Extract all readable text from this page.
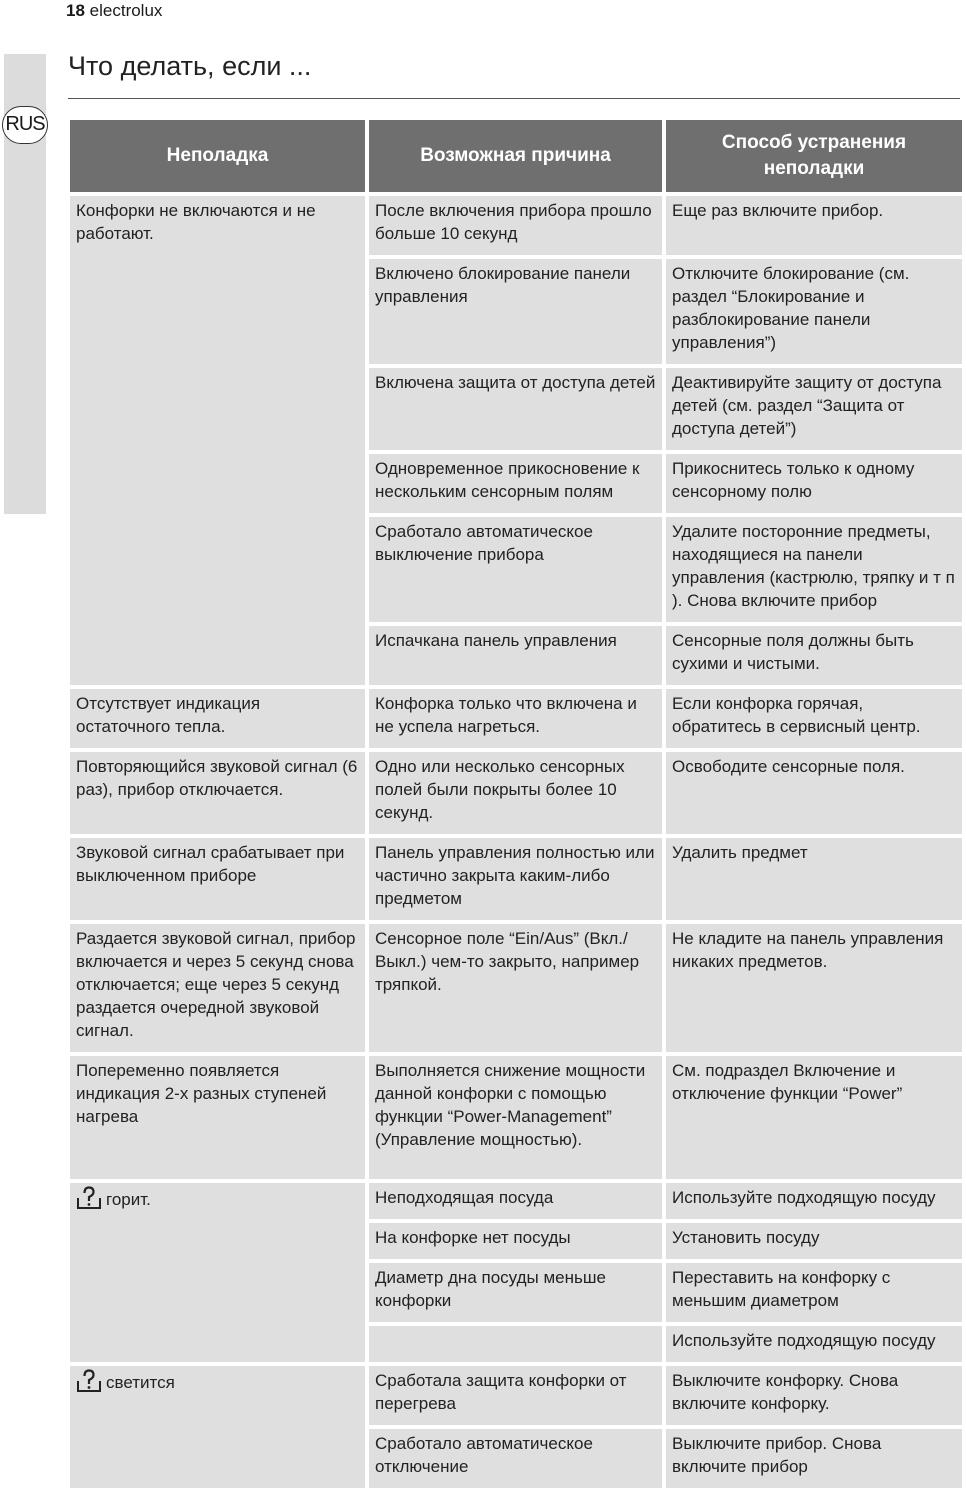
18 electrolux
RUS
Что делать, если ...
Неполадка	Возможная причина	Способ устранения неполадки
Конфорки не включаются и не работают.	После включения прибора прошло больше 10 секунд	Еще раз включите прибор.
	Включено блокирование панели управления	Отключите блокирование (см. раздел “Блокирование и разблокирование панели управления”)
	Включена защита от доступа детей	Деактивируйте защиту от доступа детей (см. раздел “Защита от доступа детей”)
	Одновременное прикосновение к нескольким сенсорным полям	Прикоснитесь только к одному сенсорному полю
	Сработало автоматическое выключение прибора	Удалите посторонние предметы, находящиеся на панели управления (кастрюлю, тряпку и т п ). Снова включите прибор
	Испачкана панель управления	Сенсорные поля должны быть сухими и чистыми.
Отсутствует индикация остаточного тепла.	Конфорка только что включена и не успела нагреться.	Если конфорка горячая, обратитесь в сервисный центр.
Повторяющийся звуковой сигнал (6 раз), прибор отключается.	Одно или несколько сенсорных полей были покрыты более 10 секунд.	Освободите сенсорные поля.
Звуковой сигнал срабатывает при выключенном приборе	Панель управления полностью или частично закрыта каким-либо предметом	Удалить предмет
Раздается звуковой сигнал, прибор включается и через 5 секунд снова отключается; еще через 5 секунд раздается очередной звуковой сигнал.	Сенсорное поле “Ein/Aus” (Вкл./ Выкл.) чем-то закрыто, например тряпкой.	Не кладите на панель управления никаких предметов.
Попеременно появляется индикация 2-х разных ступеней нагрева	Выполняется снижение мощности данной конфорки с помощью функции “Power-Management” (Управление мощностью).	См. подраздел Включение и отключение функции “Power”
горит.	Неподходящая посуда	Используйте подходящую посуду
	На конфорке нет посуды	Установить посуду
	Диаметр дна посуды меньше конфорки	Переставить на конфорку с меньшим диаметром
		Используйте подходящую посуду
светится	Сработала защита конфорки от перегрева	Выключите конфорку. Снова включите конфорку.
	Сработало автоматическое отключение	Выключите прибор. Снова включите прибор
